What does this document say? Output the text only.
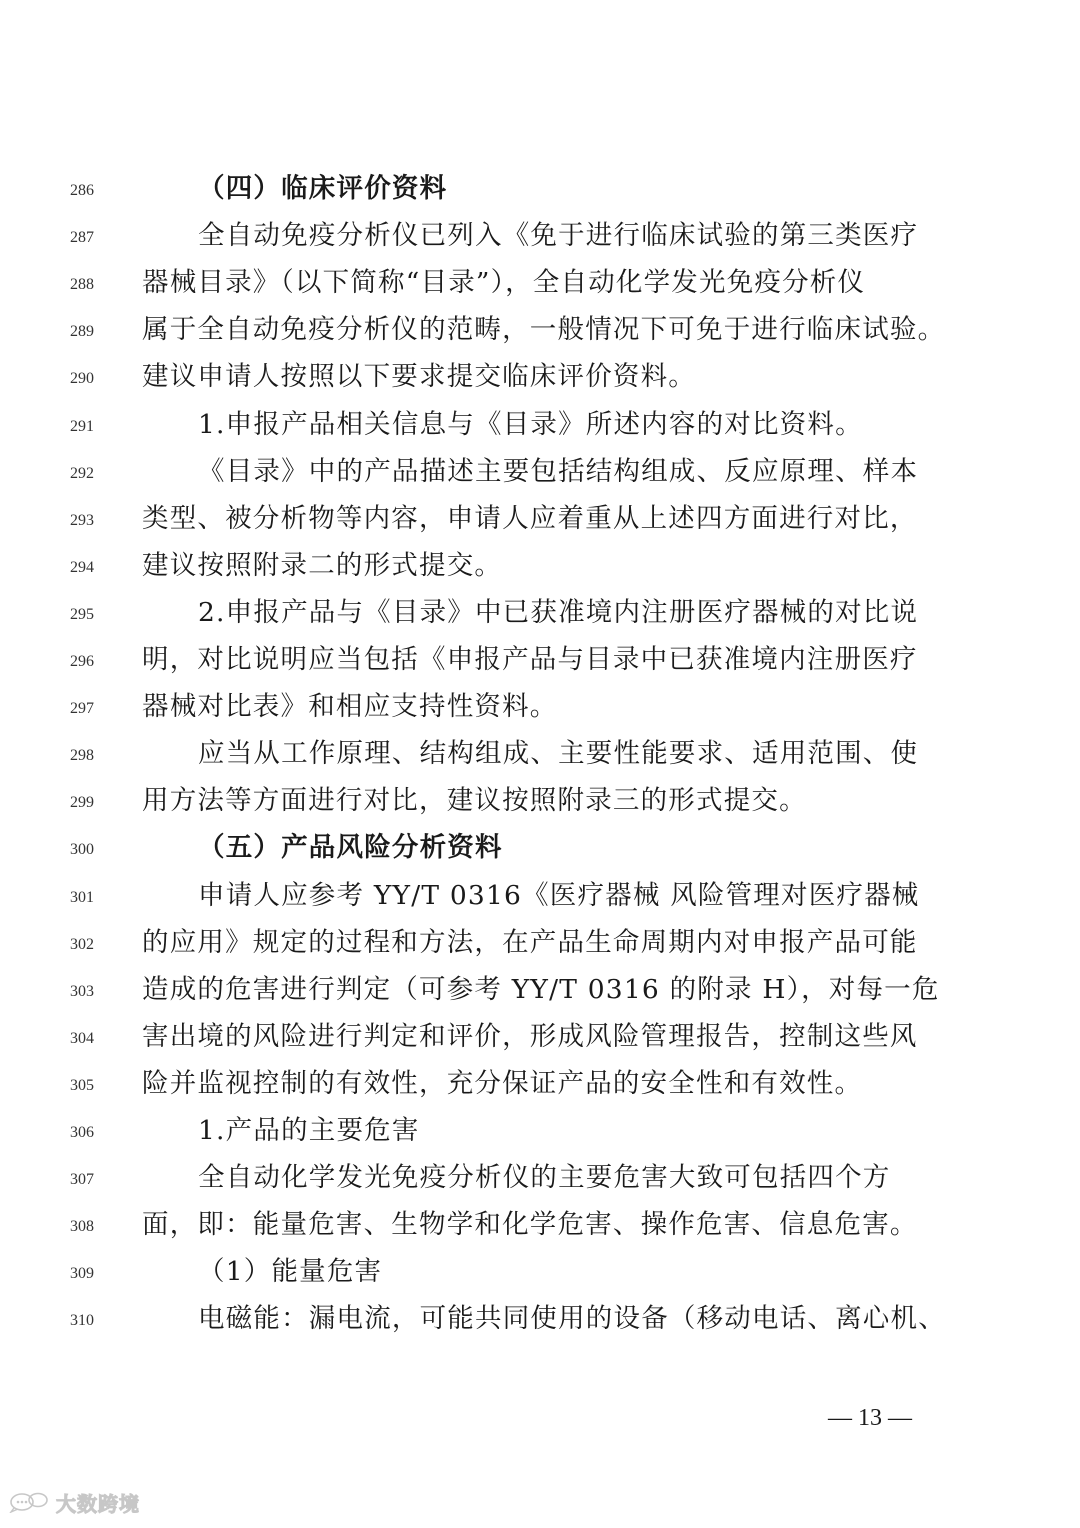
286	（四）临床评价资料
287	全自动免疫分析仪已列入《免于进行临床试验的第三类医疗
288	器械目录》（以下简称“目录”），全自动化学发光免疫分析仪
289	属于全自动免疫分析仪的范畴，一般情况下可免于进行临床试验。
290	建议申请人按照以下要求提交临床评价资料。
291	1.申报产品相关信息与《目录》所述内容的对比资料。
292	《目录》中的产品描述主要包括结构组成、反应原理、样本
293	类型、被分析物等内容，申请人应着重从上述四方面进行对比，
294	建议按照附录二的形式提交。
295	2.申报产品与《目录》中已获准境内注册医疗器械的对比说
296	明，对比说明应当包括《申报产品与目录中已获准境内注册医疗
297	器械对比表》和相应支持性资料。
298	应当从工作原理、结构组成、主要性能要求、适用范围、使
299	用方法等方面进行对比，建议按照附录三的形式提交。
300	（五）产品风险分析资料
301	申请人应参考 YY/T 0316《医疗器械 风险管理对医疗器械
302	的应用》规定的过程和方法，在产品生命周期内对申报产品可能
303	造成的危害进行判定（可参考 YY/T 0316 的附录 H），对每一危
304	害出境的风险进行判定和评价，形成风险管理报告，控制这些风
305	险并监视控制的有效性，充分保证产品的安全性和有效性。
306	1.产品的主要危害
307	全自动化学发光免疫分析仪的主要危害大致可包括四个方
308	面，即：能量危害、生物学和化学危害、操作危害、信息危害。
309	（1）能量危害
310	电磁能：漏电流，可能共同使用的设备（移动电话、离心机、
— 13 —
大数跨境
